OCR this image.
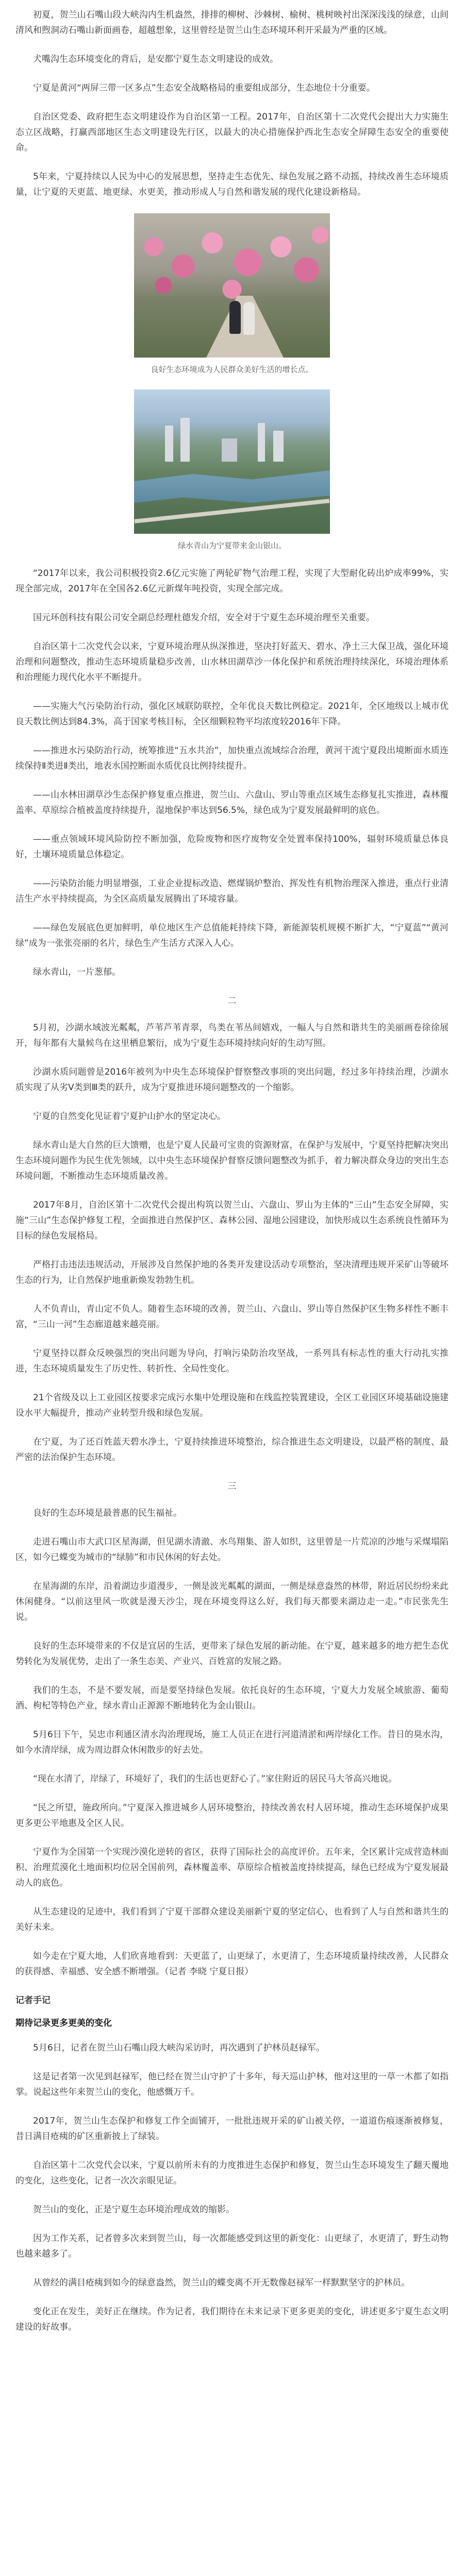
初夏，贺兰山石嘴山段大峡沟内生机盎然，排排的柳树、沙棘树、榆树、桃树映衬出深深浅浅的绿意，山间清风和煦洞动石嘴山新面画卷，超越想象，这里曾经是贺兰山生态环境环利开采最为严重的区域。
犬嘴沟生态环境变化的背后，是安都宁夏生态文明建设的成效。
宁夏是黄河“两屏三带一区多点”生态安全战略格局的重要组成部分，生态地位十分重要。
自治区党委、政府把生态文明建设作为自治区第一工程。2017年，自治区第十二次党代会提出大力实施生态立区战略，打赢西部地区生态文明建设先行区，以最大的决心措施保护西北生态安全屏障生态安全的重要使命。
5年来，宁夏持续以人民为中心的发展思想，坚持走生态优先、绿色发展之路不动摇，持续改善生态环境质量，让宁夏的天更蓝、地更绿、水更美，推动形成人与自然和谐发展的现代化建设新格局。
良好生态环境成为人民群众美好生活的增长点。
绿水青山为宁夏带来金山银山。
“2017年以来，我公司积极投资2.6亿元实施了两轮矿物气治理工程，实现了大型耐化砖出炉成率99%，实现全部完成，2017年在全国各2.6亿元新煤年吨投资，实现全部完成。
国元环创科技有限公司安全副总经理杜德发介绍，安全对于宁夏生态环境治理至关重要。
自治区第十二次党代会以来，宁夏环境治理从纵深推进，坚决打好蓝天、碧水、净土三大保卫战，强化环境治理和问题整改，推动生态环境质量稳步改善，山水林田湖草沙一体化保护和系统治理持续深化，环境治理体系和治理能力现代化水平不断提升。
——实施大气污染防治行动，强化区域联防联控，全年优良天数比例稳定。2021年，全区地级以上城市优良天数比例达到84.3%，高于国家考核目标，全区细颗粒物平均浓度较2016年下降。
——推进水污染防治行动，统筹推进“五水共治”，加快重点流域综合治理，黄河干流宁夏段出境断面水质连续保持Ⅱ类进Ⅱ类出，地表水国控断面水质优良比例持续提升。
——山水林田湖草沙生态保护修复重点推进，贺兰山、六盘山、罗山等重点区域生态修复扎实推进，森林覆盖率、草原综合植被盖度持续提升，湿地保护率达到56.5%，绿色成为宁夏发展最鲜明的底色。
——重点领域环境风险防控不断加强，危险废物和医疗废物安全处置率保持100%，辐射环境质量总体良好，土壤环境质量总体稳定。
——污染防治能力明显增强，工业企业提标改造、燃煤锅炉整治、挥发性有机物治理深入推进，重点行业清洁生产水平持续提高，为全区高质量发展腾出了环境容量。
——绿色发展底色更加鲜明，单位地区生产总值能耗持续下降，新能源装机规模不断扩大，“宁夏蓝”“黄河绿”成为一张张亮丽的名片，绿色生产生活方式深入人心。
绿水青山，一片葱郁。
二
5月初，沙湖水域波光粼粼，芦苇芦苇青翠，鸟类在苇丛间嬉戏，一幅人与自然和谐共生的美丽画卷徐徐展开，每年都有大量候鸟在这里栖息繁衍，成为宁夏生态环境持续向好的生动写照。
沙湖水质问题曾是2016年被列为中央生态环境保护督察整改事项的突出问题，经过多年持续治理，沙湖水质实现了从劣Ⅴ类到Ⅲ类的跃升，成为宁夏推进环境问题整改的一个缩影。
宁夏的自然变化见证着宁夏护山护水的坚定决心。
绿水青山是大自然的巨大馈赠，也是宁夏人民最可宝贵的资源财富，在保护与发展中，宁夏坚持把解决突出生态环境问题作为民生优先领域，以中央生态环境保护督察反馈问题整改为抓手，着力解决群众身边的突出生态环境问题，不断推动生态环境质量改善。
2017年8月，自治区第十二次党代会提出构筑以贺兰山、六盘山、罗山为主体的“三山”生态安全屏障，实施“三山”生态保护修复工程，全面推进自然保护区、森林公园、湿地公园建设，加快形成以生态系统良性循环为目标的绿色发展格局。
严格打击违法违规活动，开展涉及自然保护地的各类开发建设活动专项整治，坚决清理违规开采矿山等破坏生态的行为，让自然保护地重新焕发勃勃生机。
人不负青山，青山定不负人。随着生态环境的改善，贺兰山、六盘山、罗山等自然保护区生物多样性不断丰富，“三山一河”生态廊道越来越亮丽。
宁夏坚持以群众反映强烈的突出问题为导向，打响污染防治攻坚战，一系列具有标志性的重大行动扎实推进，生态环境质量发生了历史性、转折性、全局性变化。
21个省级及以上工业园区按要求完成污水集中处理设施和在线监控装置建设，全区工业园区环境基础设施建设水平大幅提升，推动产业转型升级和绿色发展。
在宁夏，为了还百姓蓝天碧水净土，宁夏持续推进环境整治，综合推进生态文明建设，以最严格的制度、最严密的法治保护生态环境。
三
良好的生态环境是最普惠的民生福祉。
走进石嘴山市大武口区星海湖，但见湖水清澈、水鸟翔集、游人如织，这里曾是一片荒凉的沙地与采煤塌陷区，如今已蝶变为城市的“绿肺”和市民休闲的好去处。
在星海湖的东岸，沿着湖边步道漫步，一侧是波光粼粼的湖面，一侧是绿意盎然的林带，附近居民纷纷来此休闲健身。“以前这里风一吹就是漫天沙尘，现在环境变得这么好，我们每天都要来湖边走一走。”市民张先生说。
良好的生态环境带来的不仅是宜居的生活，更带来了绿色发展的新动能。在宁夏，越来越多的地方把生态优势转化为发展优势，走出了一条生态美、产业兴、百姓富的发展之路。
我们的生态，不是不要发展，而是要坚持绿色发展。依托良好的生态环境，宁夏大力发展全域旅游、葡萄酒、枸杞等特色产业，绿水青山正源源不断地转化为金山银山。
5月6日下午，吴忠市利通区清水沟治理现场，施工人员正在进行河道清淤和两岸绿化工作。昔日的臭水沟，如今水清岸绿，成为周边群众休闲散步的好去处。
“现在水清了，岸绿了，环境好了，我们的生活也更舒心了。”家住附近的居民马大爷高兴地说。
“民之所望，施政所向。”宁夏深入推进城乡人居环境整治，持续改善农村人居环境，推动生态环境保护成果更多更公平地惠及全区人民。
宁夏作为全国第一个实现沙漠化逆转的省区，获得了国际社会的高度评价。五年来，全区累计完成营造林面积、治理荒漠化土地面积均位居全国前列，森林覆盖率、草原综合植被盖度持续提高，绿色已经成为宁夏发展最动人的底色。
从生态建设的足迹中，我们看到了宁夏干部群众建设美丽新宁夏的坚定信心，也看到了人与自然和谐共生的美好未来。
如今走在宁夏大地，人们欣喜地看到：天更蓝了，山更绿了，水更清了，生态环境质量持续改善，人民群众的获得感、幸福感、安全感不断增强。（记者 李晓 宁夏日报）
记者手记
期待记录更多更美的变化
5月6日，记者在贺兰山石嘴山段大峡沟采访时，再次遇到了护林员赵禄军。
这是记者第一次见到赵禄军，他已经在贺兰山守护了十多年，每天巡山护林，他对这里的一草一木都了如指掌。说起这些年来贺兰山的变化，他感慨万千。
2017年，贺兰山生态保护和修复工作全面铺开，一批批违规开采的矿山被关停，一道道伤痕逐渐被修复，昔日满目疮痍的矿区重新披上了绿装。
自治区第十二次党代会以来，宁夏以前所未有的力度推进生态保护和修复，贺兰山生态环境发生了翻天覆地的变化，这些变化，记者一次次亲眼见证。
贺兰山的变化，正是宁夏生态环境治理成效的缩影。
因为工作关系，记者曾多次来到贺兰山，每一次都能感受到这里的新变化：山更绿了，水更清了，野生动物也越来越多了。
从曾经的满目疮痍到如今的绿意盎然，贺兰山的蝶变离不开无数像赵禄军一样默默坚守的护林员。
变化正在发生，美好正在继续。作为记者，我们期待在未来记录下更多更美的变化，讲述更多宁夏生态文明建设的好故事。
